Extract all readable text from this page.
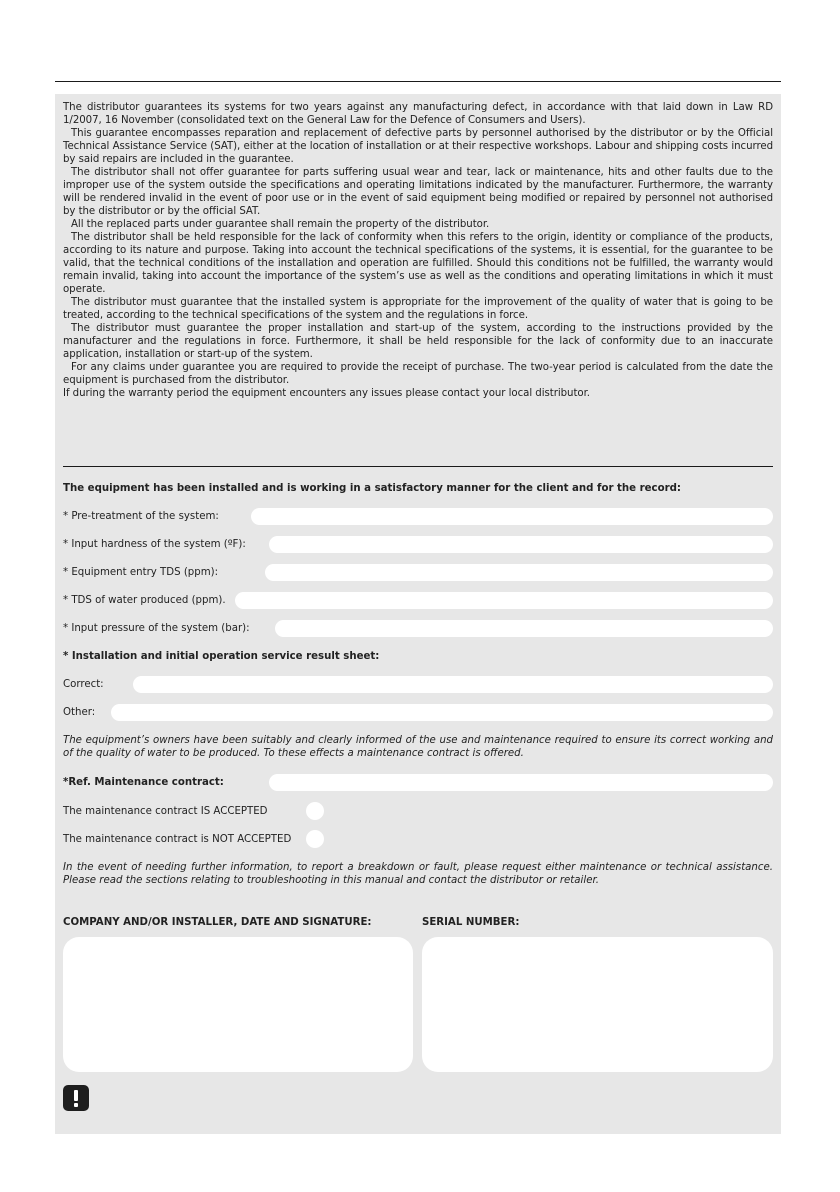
The distributor guarantees its systems for two years against any manufacturing defect, in accordance with that laid down in Law RD 1/2007, 16 November (consolidated text on the General Law for the Defence of Consumers and Users).

This guarantee encompasses reparation and replacement of defective parts by personnel authorised by the distributor or by the Official Technical Assistance Service (SAT), either at the location of installation or at their respective workshops. Labour and shipping costs incurred by said repairs are included in the guarantee.

The distributor shall not offer guarantee for parts suffering usual wear and tear, lack or maintenance, hits and other faults due to the improper use of the system outside the specifications and operating limitations indicated by the manufacturer. Furthermore, the warranty will be rendered invalid in the event of poor use or in the event of said equipment being modified or repaired by personnel not authorised by the distributor or by the official SAT.

All the replaced parts under guarantee shall remain the property of the distributor.

The distributor shall be held responsible for the lack of conformity when this refers to the origin, identity or compliance of the products, according to its nature and purpose. Taking into account the technical specifications of the systems, it is essential, for the guarantee to be valid, that the technical conditions of the installation and operation are fulfilled. Should this conditions not be fulfilled, the warranty would remain invalid, taking into account the importance of the system’s use as well as the conditions and operating limitations in which it must operate.

The distributor must guarantee that the installed system is appropriate for the improvement of the quality of water that is going to be treated, according to the technical specifications of the system and the regulations in force.

The distributor must guarantee the proper installation and start-up of the system, according to the instructions provided by the manufacturer and the regulations in force. Furthermore, it shall be held responsible for the lack of conformity due to an inaccurate application, installation or start-up of the system.

For any claims under guarantee you are required to provide the receipt of purchase. The two-year period is calculated from the date the equipment is purchased from the distributor.

If during the warranty period the equipment encounters any issues please contact your local distributor.

The equipment has been installed and is working in a satisfactory manner for the client and for the record:
* Pre-treatment of the system:
* Input hardness of the system (ºF):
* Equipment entry TDS (ppm):
* TDS of water produced (ppm).
* Input pressure of the system (bar):
* Installation and initial operation service result sheet:
Correct:
Other:
The equipment’s owners have been suitably and clearly informed of the use and maintenance required to ensure its correct working and of the quality of water to be produced. To these effects a maintenance contract is offered.
*Ref. Maintenance contract:
The maintenance contract IS ACCEPTED
The maintenance contract is NOT ACCEPTED
In the event of needing further information, to report a breakdown or fault, please request either maintenance or technical assistance. Please read the sections relating to troubleshooting in this manual and contact the distributor or retailer.
COMPANY AND/OR INSTALLER, DATE AND SIGNATURE:	SERIAL NUMBER:
